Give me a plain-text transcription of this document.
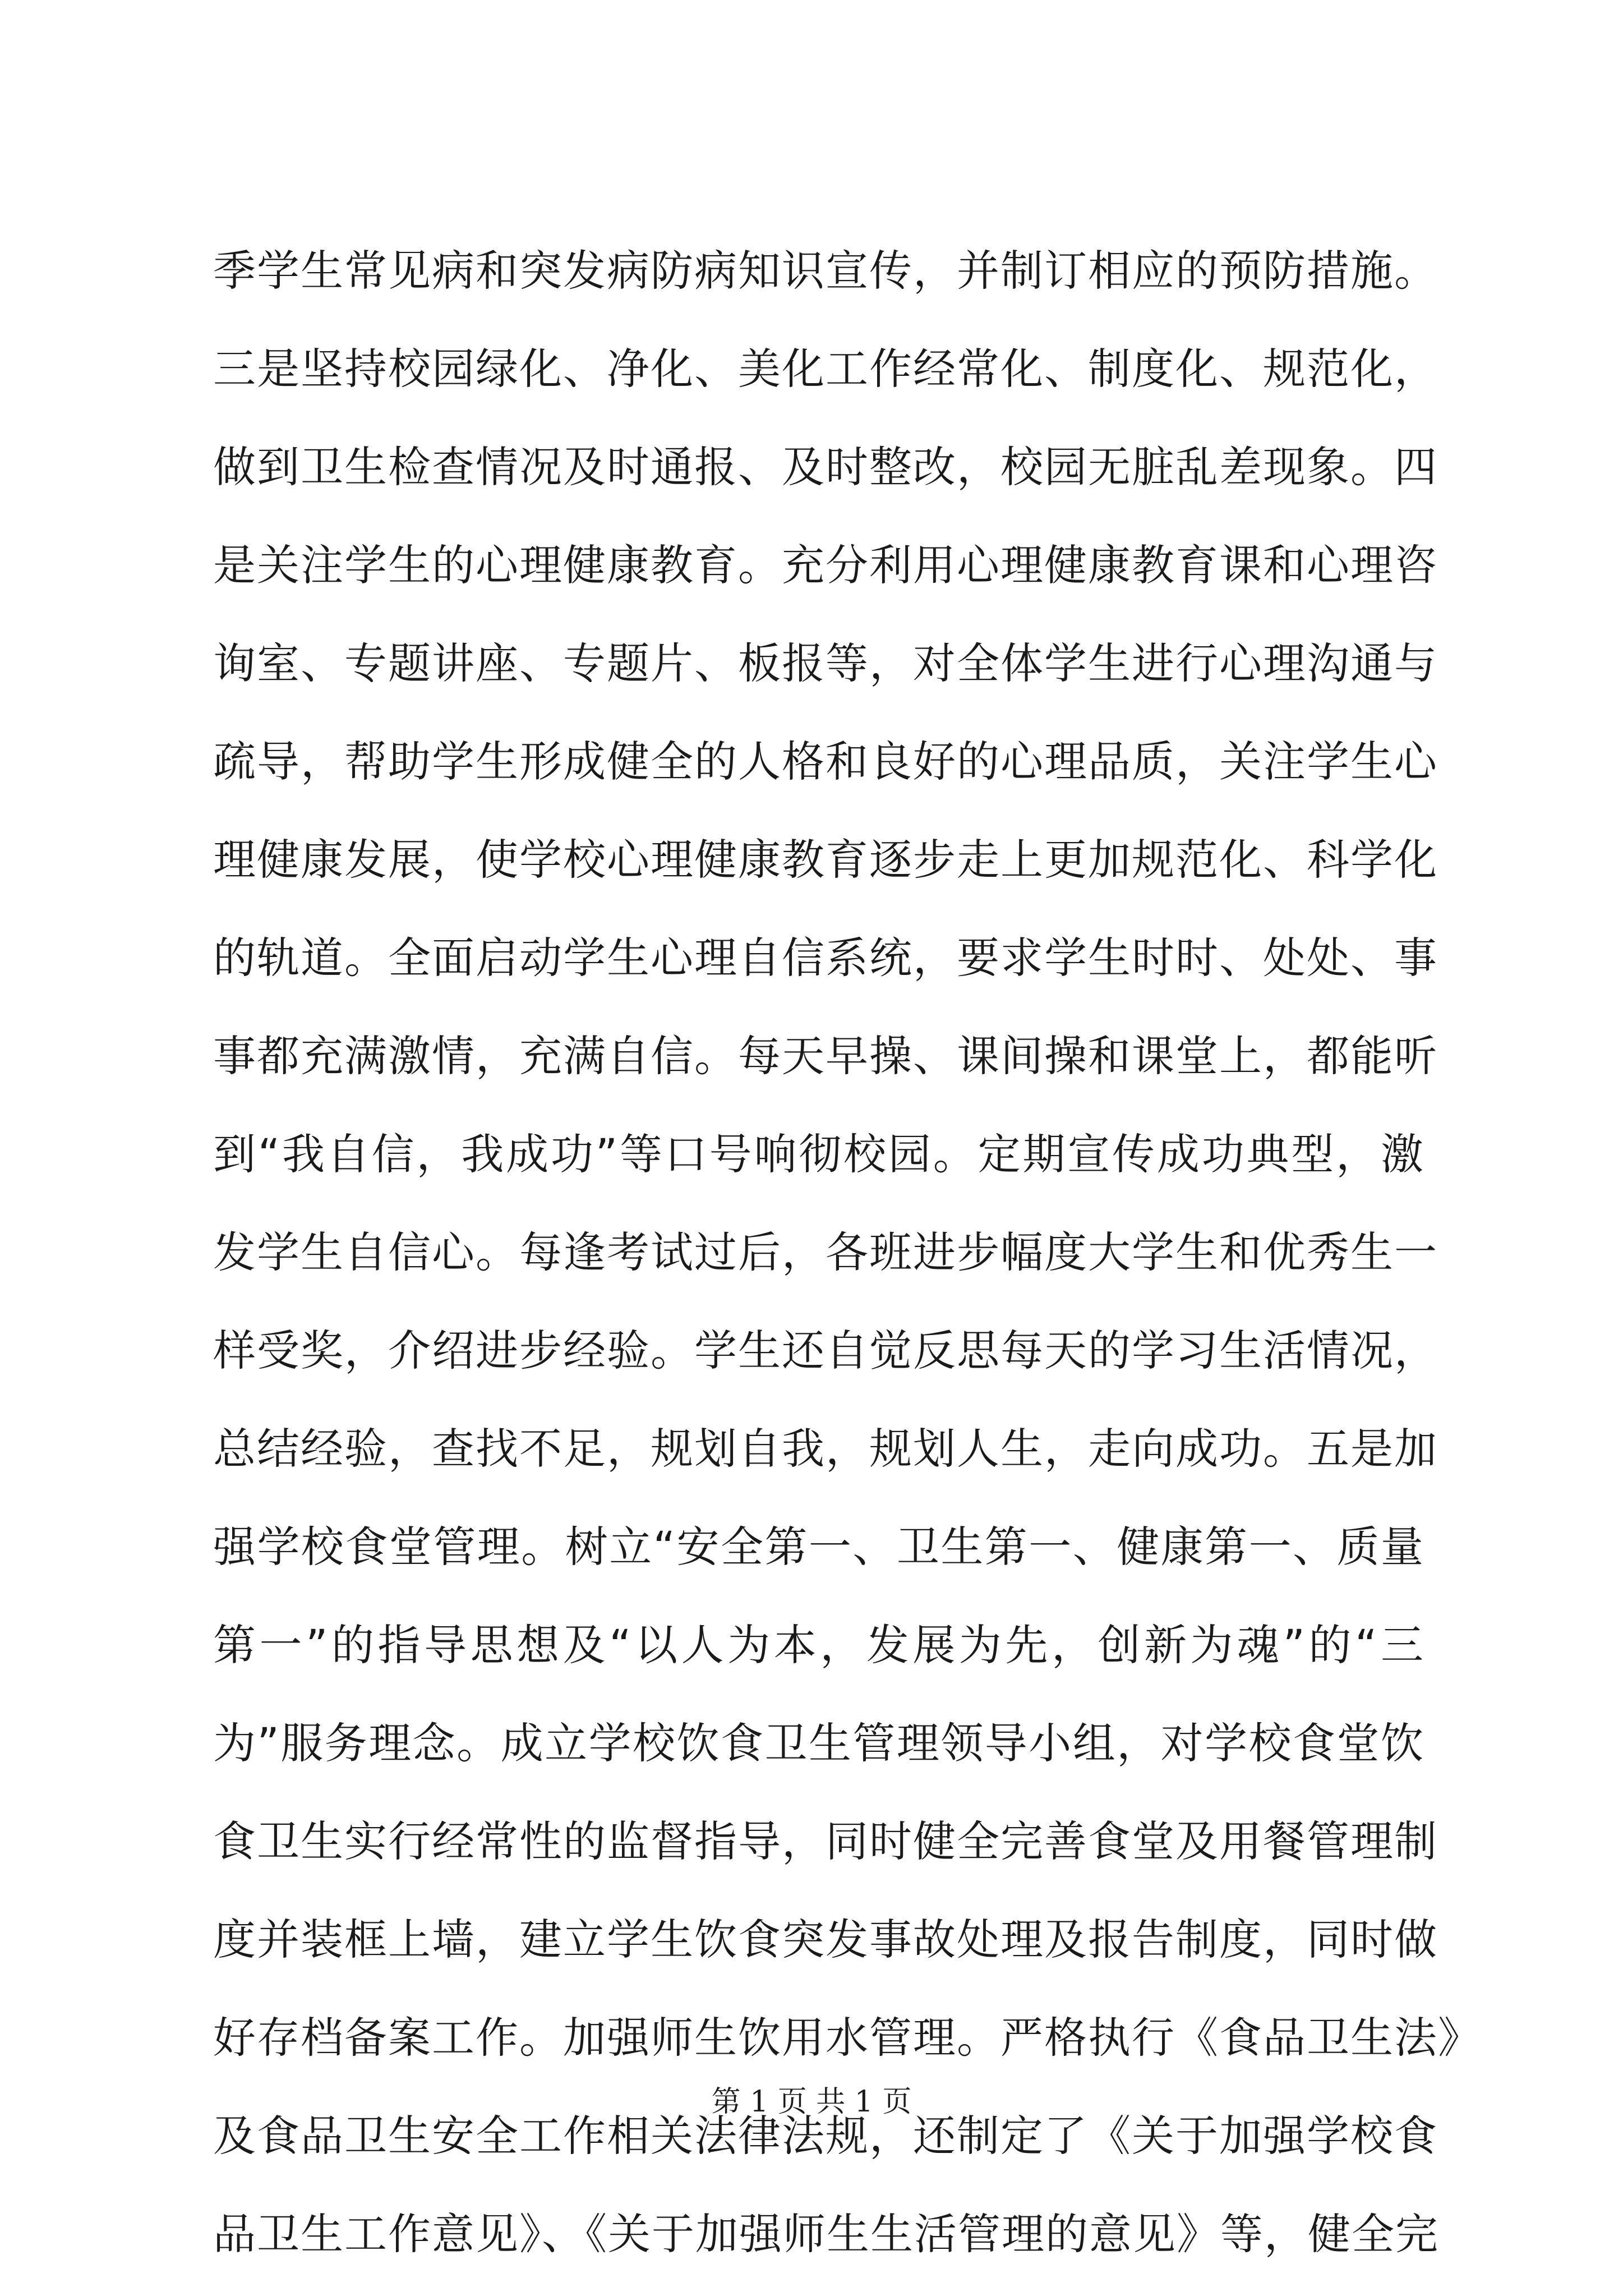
季学生常见病和突发病防病知识宣传，并制订相应的预防措施。
三是坚持校园绿化、净化、美化工作经常化、制度化、规范化，
做到卫生检查情况及时通报、及时整改，校园无脏乱差现象。四
是关注学生的心理健康教育。充分利用心理健康教育课和心理咨
询室、专题讲座、专题片、板报等，对全体学生进行心理沟通与
疏导，帮助学生形成健全的人格和良好的心理品质，关注学生心
理健康发展，使学校心理健康教育逐步走上更加规范化、科学化
的轨道。全面启动学生心理自信系统，要求学生时时、处处、事
事都充满激情，充满自信。每天早操、课间操和课堂上，都能听
到“我自信，我成功”等口号响彻校园。定期宣传成功典型，激
发学生自信心。每逢考试过后，各班进步幅度大学生和优秀生一
样受奖，介绍进步经验。学生还自觉反思每天的学习生活情况，
总结经验，查找不足，规划自我，规划人生，走向成功。五是加
强学校食堂管理。树立“安全第一、卫生第一、健康第一、质量
第一”的指导思想及“以人为本，发展为先，创新为魂”的“三
为”服务理念。成立学校饮食卫生管理领导小组，对学校食堂饮
食卫生实行经常性的监督指导，同时健全完善食堂及用餐管理制
度并装框上墙，建立学生饮食突发事故处理及报告制度，同时做
好存档备案工作。加强师生饮用水管理。严格执行《食品卫生法》
及食品卫生安全工作相关法律法规，还制定了《关于加强学校食
品卫生工作意见》、《关于加强师生生活管理的意见》等，健全完
第 1 页 共 1 页
